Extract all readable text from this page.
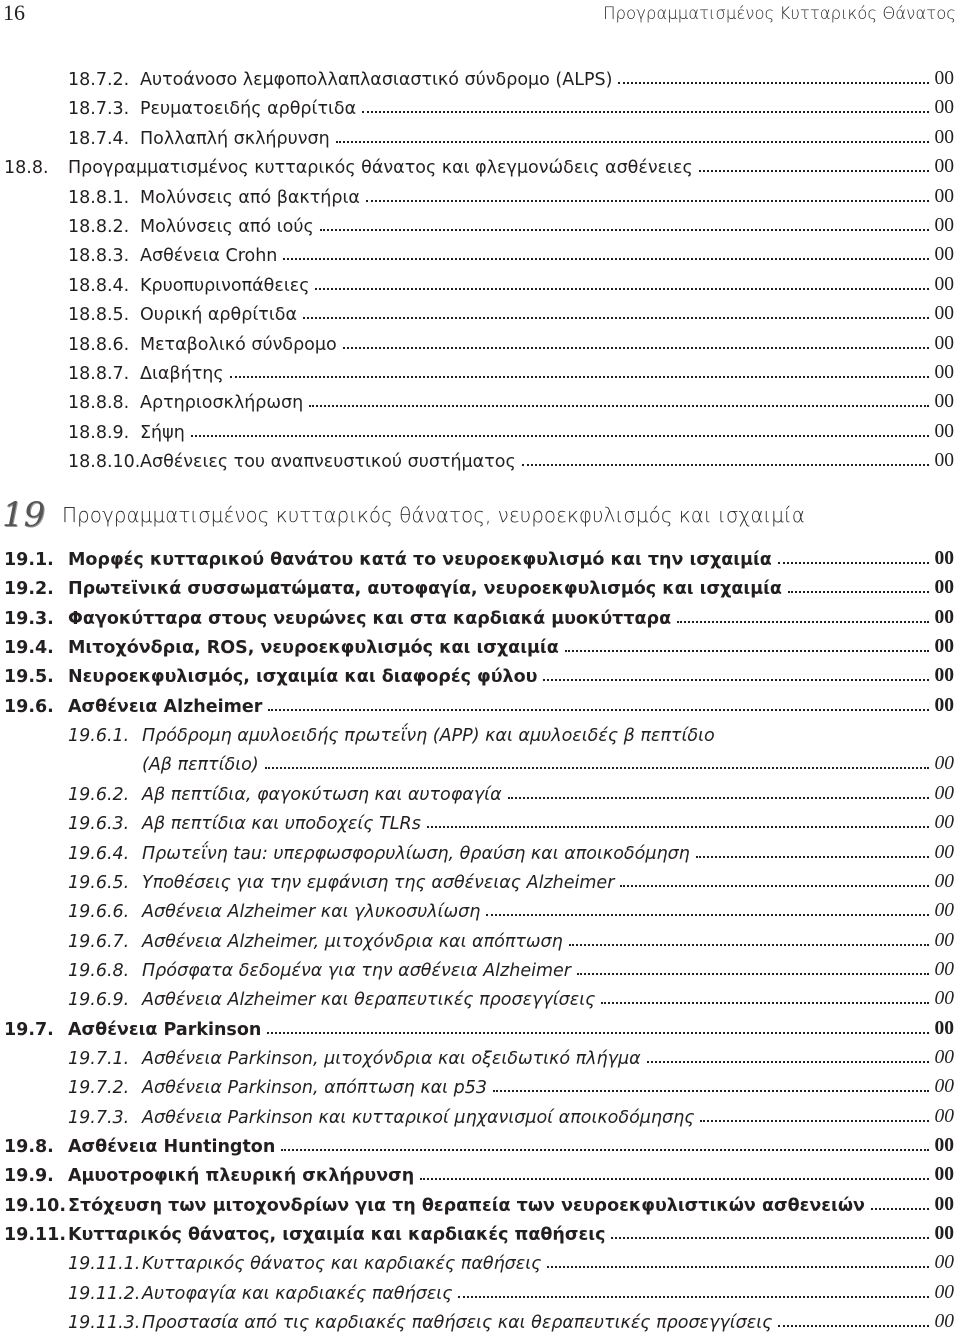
16	Προγραμματισμένος Κυτταρικός Θάνατος
18.7.2. Αυτοάνοσο λεμφοπολλαπλασιαστικό σύνδρομο (ALPS)	00
18.7.3. Ρευματοειδής αρθρίτιδα	00
18.7.4. Πολλαπλή σκλήρυνση	00
18.8.	Προγραμματισμένος κυτταρικός θάνατος και φλεγμονώδεις ασθένειες	00
18.8.1. Μολύνσεις από βακτήρια	00
18.8.2. Μολύνσεις από ιούς	00
18.8.3. Ασθένεια Crohn	00
18.8.4. Κρυοπυρινοπάθειες	00
18.8.5. Ουρική αρθρίτιδα	00
18.8.6. Μεταβολικό σύνδρομο	00
18.8.7. Διαβήτης	00
18.8.8. Αρτηριοσκλήρωση	00
18.8.9. Σήψη	00
18.8.10. Ασθένειες του αναπνευστικού συστήματος	00
19 Προγραμματισμένος κυτταρικός θάνατος, νευροεκφυλισμός και ισχαιμία
19.1. Μορφές κυτταρικού θανάτου κατά το νευροεκφυλισμό και την ισχαιμία	00
19.2. Πρωτεϊνικά συσσωματώματα, αυτοφαγία, νευροεκφυλισμός και ισχαιμία	00
19.3. Φαγοκύτταρα στους νευρώνες και στα καρδιακά μυοκύτταρα	00
19.4. Μιτοχόνδρια, ROS, νευροεκφυλισμός και ισχαιμία	00
19.5. Νευροεκφυλισμός, ισχαιμία και διαφορές φύλου	00
19.6. Ασθένεια Alzheimer	00
19.6.1. Πρόδρομη αμυλοειδής πρωτεΐνη (APP) και αμυλοειδές β πεπτίδιο
(Αβ πεπτίδιο)	00
19.6.2. Αβ πεπτίδια, φαγοκύτωση και αυτοφαγία	00
19.6.3. Αβ πεπτίδια και υποδοχείς TLRs	00
19.6.4. Πρωτεΐνη tau: υπερφωσφορυλίωση, θραύση και αποικοδόμηση	00
19.6.5. Υποθέσεις για την εμφάνιση της ασθένειας Alzheimer	00
19.6.6. Ασθένεια Alzheimer και γλυκοσυλίωση	00
19.6.7. Ασθένεια Alzheimer, μιτοχόνδρια και απόπτωση	00
19.6.8. Πρόσφατα δεδομένα για την ασθένεια Alzheimer	00
19.6.9. Ασθένεια Alzheimer και θεραπευτικές προσεγγίσεις	00
19.7. Ασθένεια Parkinson	00
19.7.1. Ασθένεια Parkinson, μιτοχόνδρια και οξειδωτικό πλήγμα	00
19.7.2. Ασθένεια Parkinson, απόπτωση και p53	00
19.7.3. Ασθένεια Parkinson και κυτταρικοί μηχανισμοί αποικοδόμησης	00
19.8. Ασθένεια Huntington	00
19.9. Αμυοτροφική πλευρική σκλήρυνση	00
19.10. Στόχευση των μιτοχονδρίων για τη θεραπεία των νευροεκφυλιστικών ασθενειών	00
19.11. Κυτταρικός θάνατος, ισχαιμία και καρδιακές παθήσεις	00
19.11.1. Κυτταρικός θάνατος και καρδιακές παθήσεις	00
19.11.2. Αυτοφαγία και καρδιακές παθήσεις	00
19.11.3. Προστασία από τις καρδιακές παθήσεις και θεραπευτικές προσεγγίσεις	00
